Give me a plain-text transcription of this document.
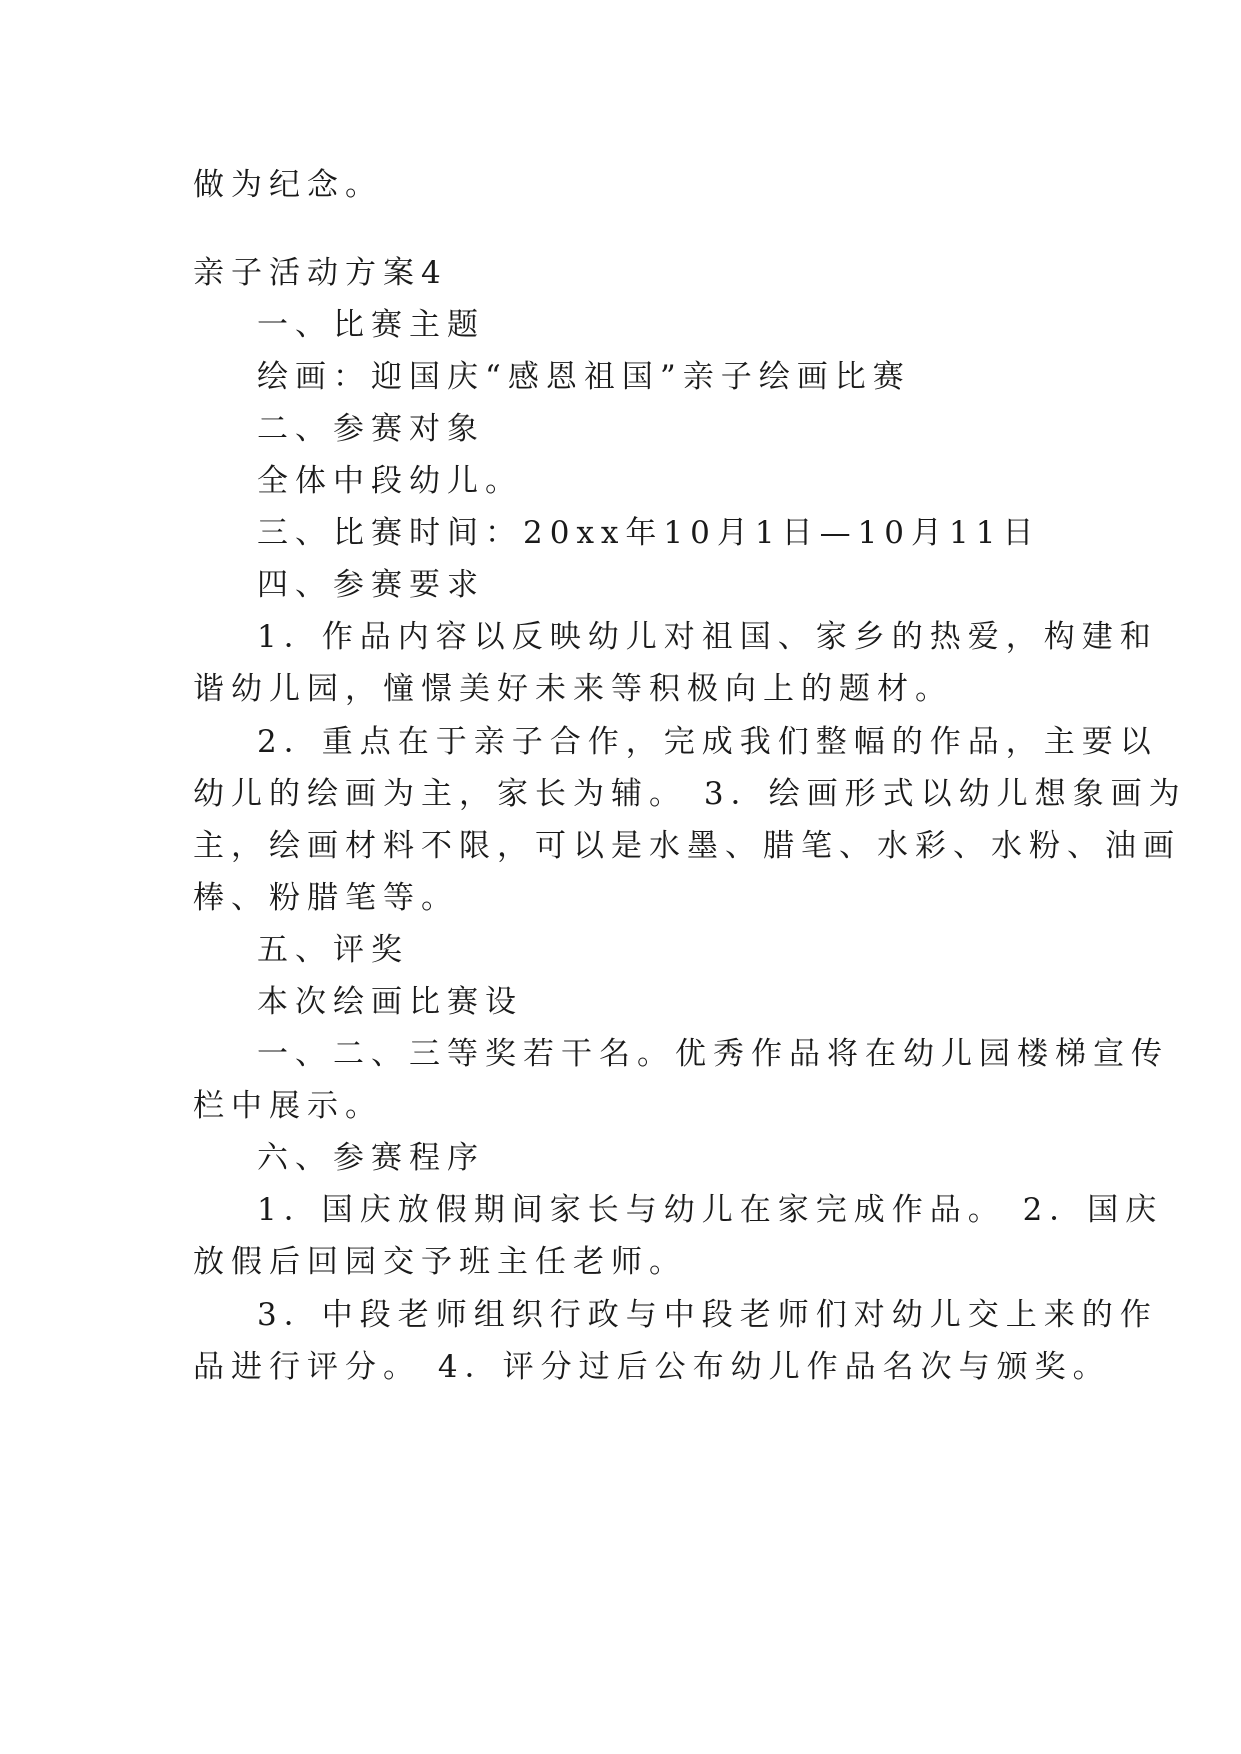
做为纪念。
亲子活动方案4
一、比赛主题
绘画：迎国庆“感恩祖国”亲子绘画比赛
二、参赛对象
全体中段幼儿。
三、比赛时间：20xx年10月1日—10月11日
四、参赛要求
1．作品内容以反映幼儿对祖国、家乡的热爱，构建和
谐幼儿园，憧憬美好未来等积极向上的题材。
2．重点在于亲子合作，完成我们整幅的作品，主要以
幼儿的绘画为主，家长为辅。 3．绘画形式以幼儿想象画为
主，绘画材料不限，可以是水墨、腊笔、水彩、水粉、油画
棒、粉腊笔等。
五、评奖
本次绘画比赛设
一、二、三等奖若干名。优秀作品将在幼儿园楼梯宣传
栏中展示。
六、参赛程序
1．国庆放假期间家长与幼儿在家完成作品。 2．国庆
放假后回园交予班主任老师。
3．中段老师组织行政与中段老师们对幼儿交上来的作
品进行评分。 4．评分过后公布幼儿作品名次与颁奖。
